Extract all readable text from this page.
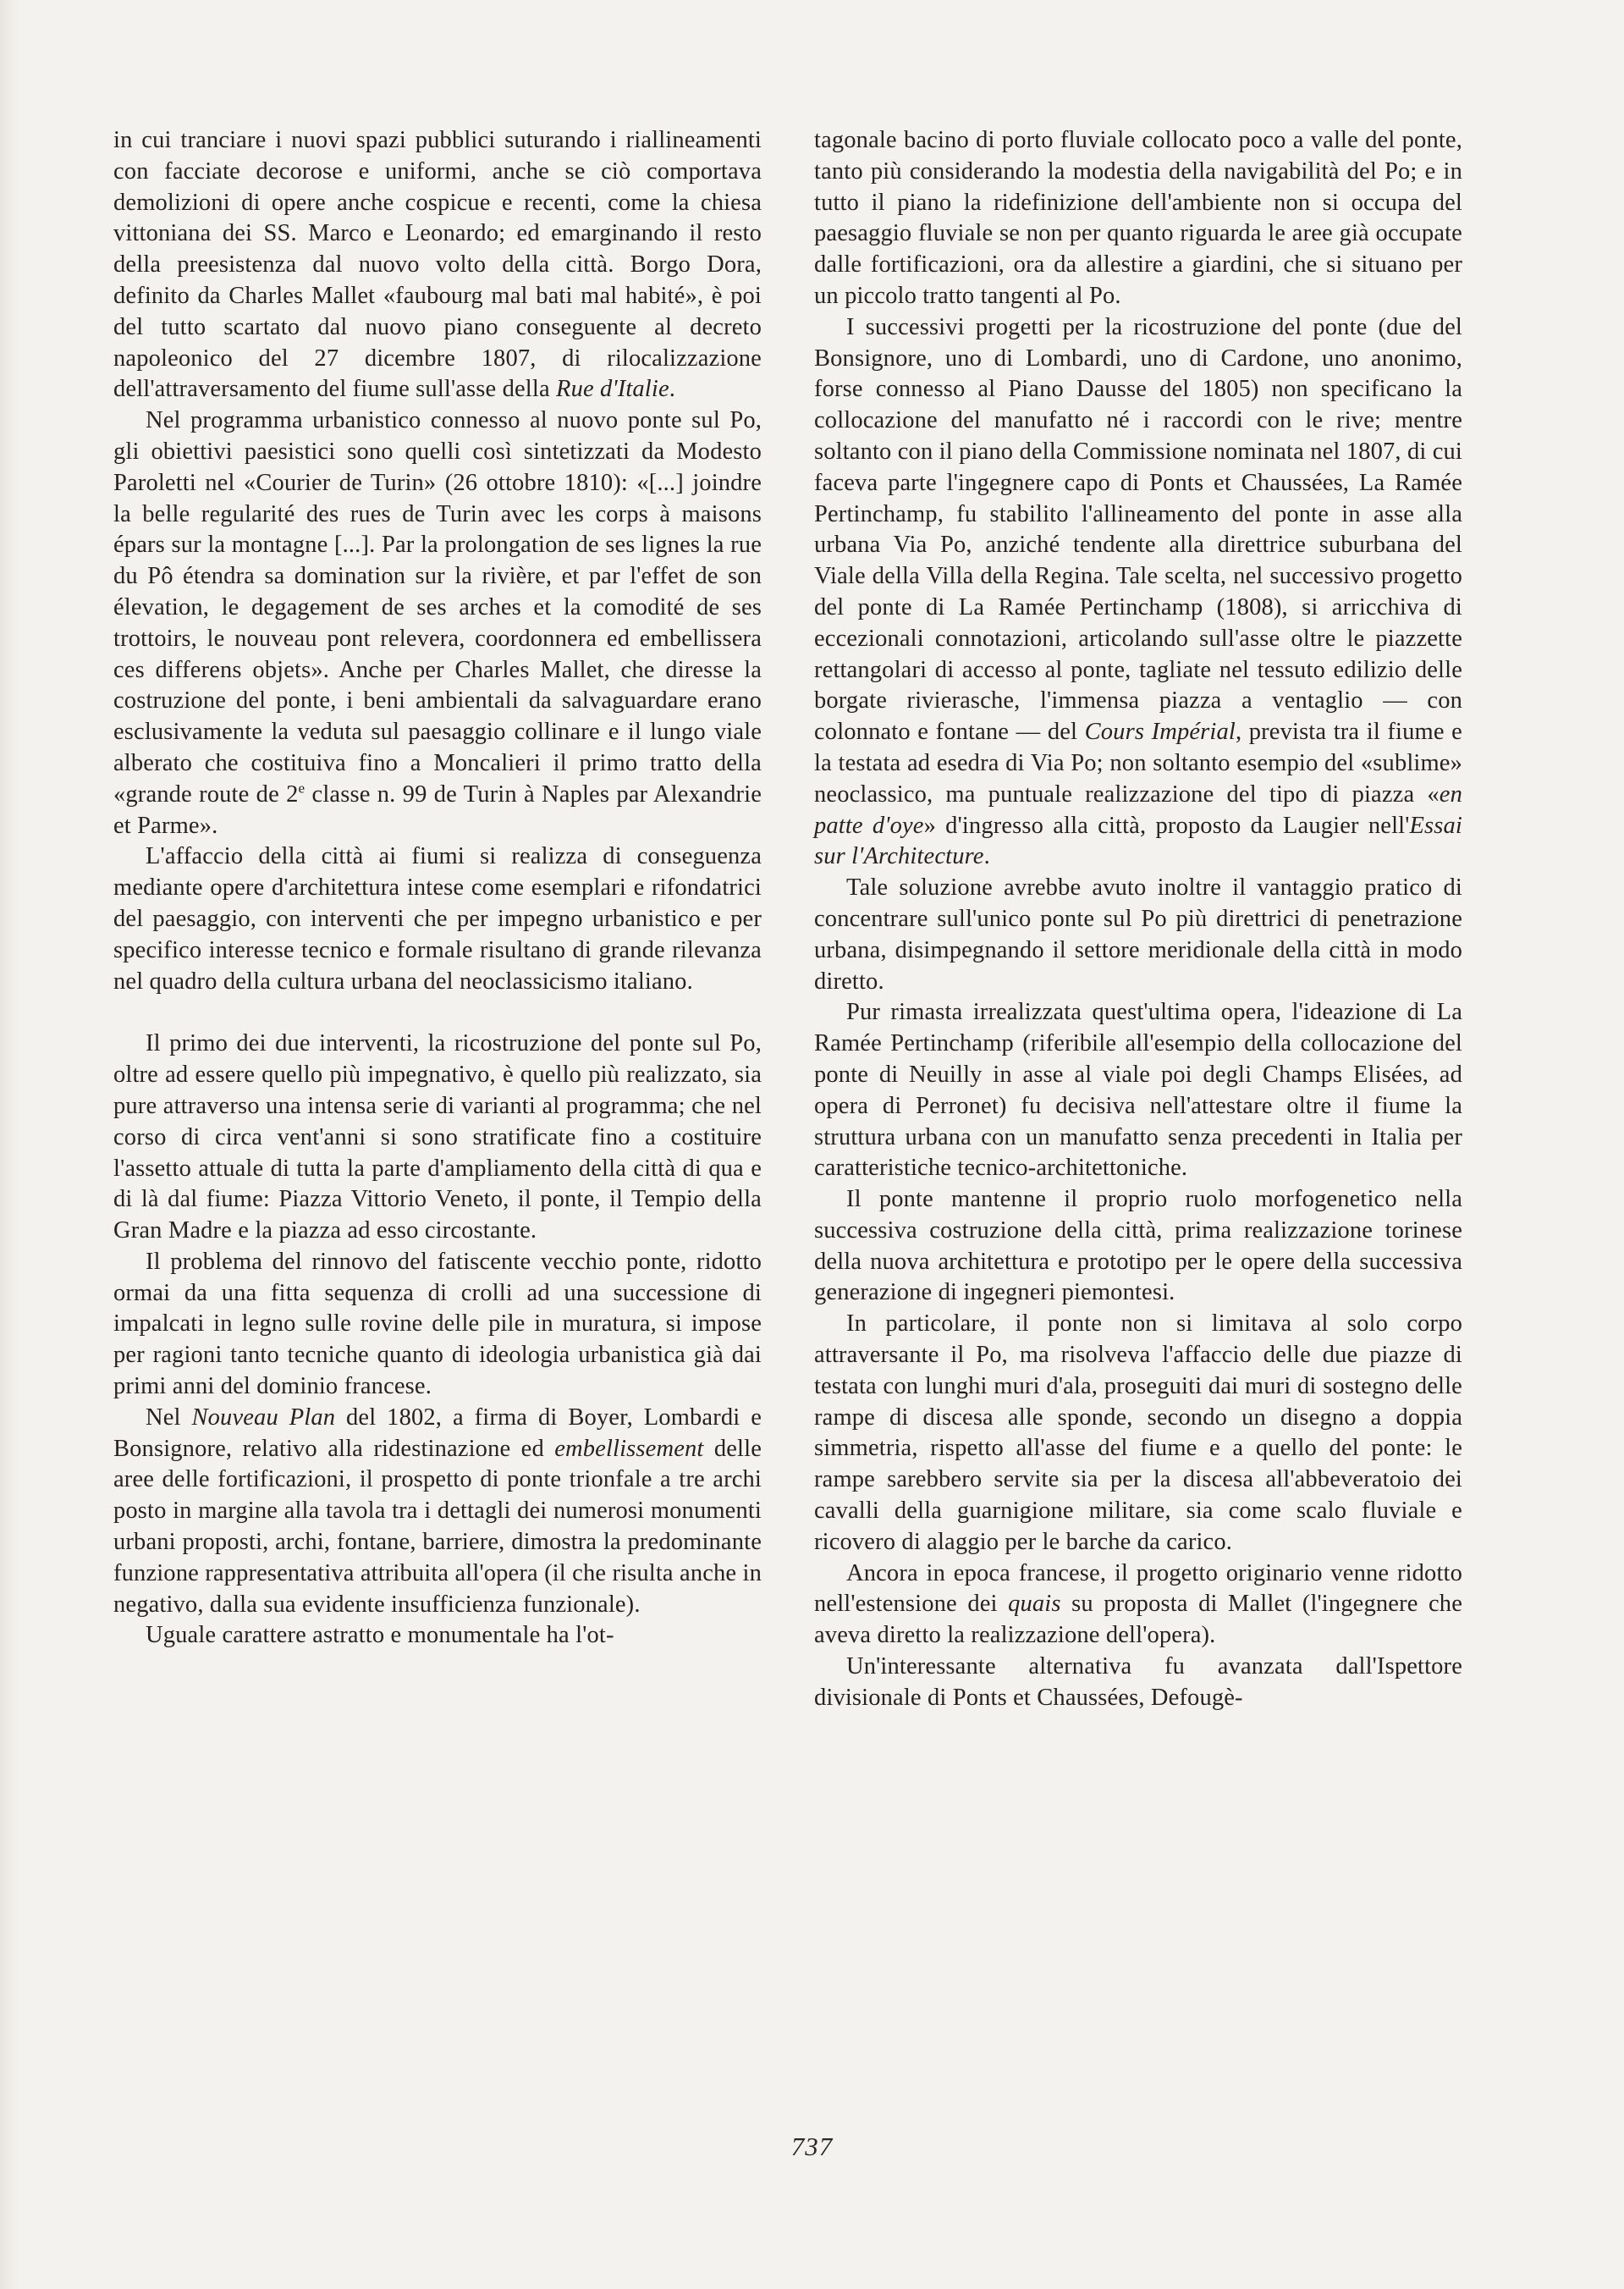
in cui tranciare i nuovi spazi pubblici suturando i riallineamenti con facciate decorose e uniformi, anche se ciò comportava demolizioni di opere anche cospicue e recenti, come la chiesa vittoniana dei SS. Marco e Leonardo; ed emarginando il resto della preesistenza dal nuovo volto della città. Borgo Dora, definito da Charles Mallet «faubourg mal bati mal habité», è poi del tutto scartato dal nuovo piano conseguente al decreto napoleonico del 27 dicembre 1807, di rilocalizzazione dell'attraversamento del fiume sull'asse della Rue d'Italie.

Nel programma urbanistico connesso al nuovo ponte sul Po, gli obiettivi paesistici sono quelli così sintetizzati da Modesto Paroletti nel «Courier de Turin» (26 ottobre 1810): «[...] joindre la belle regularité des rues de Turin avec les corps à maisons épars sur la montagne [...]. Par la prolongation de ses lignes la rue du Pô étendra sa domination sur la rivière, et par l'effet de son élevation, le degagement de ses arches et la comodité de ses trottoirs, le nouveau pont relevera, coordonnera ed embellissera ces differens objets». Anche per Charles Mallet, che diresse la costruzione del ponte, i beni ambientali da salvaguardare erano esclusivamente la veduta sul paesaggio collinare e il lungo viale alberato che costituiva fino a Moncalieri il primo tratto della «grande route de 2e classe n. 99 de Turin à Naples par Alexandrie et Parme».

L'affaccio della città ai fiumi si realizza di conseguenza mediante opere d'architettura intese come esemplari e rifondatrici del paesaggio, con interventi che per impegno urbanistico e per specifico interesse tecnico e formale risultano di grande rilevanza nel quadro della cultura urbana del neoclassicismo italiano.

Il primo dei due interventi, la ricostruzione del ponte sul Po, oltre ad essere quello più impegnativo, è quello più realizzato, sia pure attraverso una intensa serie di varianti al programma; che nel corso di circa vent'anni si sono stratificate fino a costituire l'assetto attuale di tutta la parte d'ampliamento della città di qua e di là dal fiume: Piazza Vittorio Veneto, il ponte, il Tempio della Gran Madre e la piazza ad esso circostante.

Il problema del rinnovo del fatiscente vecchio ponte, ridotto ormai da una fitta sequenza di crolli ad una successione di impalcati in legno sulle rovine delle pile in muratura, si impose per ragioni tanto tecniche quanto di ideologia urbanistica già dai primi anni del dominio francese.

Nel Nouveau Plan del 1802, a firma di Boyer, Lombardi e Bonsignore, relativo alla ridestinazione ed embellissement delle aree delle fortificazioni, il prospetto di ponte trionfale a tre archi posto in margine alla tavola tra i dettagli dei numerosi monumenti urbani proposti, archi, fontane, barriere, dimostra la predominante funzione rappresentativa attribuita all'opera (il che risulta anche in negativo, dalla sua evidente insufficienza funzionale).

Uguale carattere astratto e monumentale ha l'ot-

tagonale bacino di porto fluviale collocato poco a valle del ponte, tanto più considerando la modestia della navigabilità del Po; e in tutto il piano la ridefinizione dell'ambiente non si occupa del paesaggio fluviale se non per quanto riguarda le aree già occupate dalle fortificazioni, ora da allestire a giardini, che si situano per un piccolo tratto tangenti al Po.

I successivi progetti per la ricostruzione del ponte (due del Bonsignore, uno di Lombardi, uno di Cardone, uno anonimo, forse connesso al Piano Dausse del 1805) non specificano la collocazione del manufatto né i raccordi con le rive; mentre soltanto con il piano della Commissione nominata nel 1807, di cui faceva parte l'ingegnere capo di Ponts et Chaussées, La Ramée Pertinchamp, fu stabilito l'allineamento del ponte in asse alla urbana Via Po, anziché tendente alla direttrice suburbana del Viale della Villa della Regina. Tale scelta, nel successivo progetto del ponte di La Ramée Pertinchamp (1808), si arricchiva di eccezionali connotazioni, articolando sull'asse oltre le piazzette rettangolari di accesso al ponte, tagliate nel tessuto edilizio delle borgate rivierasche, l'immensa piazza a ventaglio — con colonnato e fontane — del Cours Impérial, prevista tra il fiume e la testata ad esedra di Via Po; non soltanto esempio del «sublime» neoclassico, ma puntuale realizzazione del tipo di piazza «en patte d'oye» d'ingresso alla città, proposto da Laugier nell'Essai sur l'Architecture.

Tale soluzione avrebbe avuto inoltre il vantaggio pratico di concentrare sull'unico ponte sul Po più direttrici di penetrazione urbana, disimpegnando il settore meridionale della città in modo diretto.

Pur rimasta irrealizzata quest'ultima opera, l'ideazione di La Ramée Pertinchamp (riferibile all'esempio della collocazione del ponte di Neuilly in asse al viale poi degli Champs Elisées, ad opera di Perronet) fu decisiva nell'attestare oltre il fiume la struttura urbana con un manufatto senza precedenti in Italia per caratteristiche tecnico-architettoniche.

Il ponte mantenne il proprio ruolo morfogenetico nella successiva costruzione della città, prima realizzazione torinese della nuova architettura e prototipo per le opere della successiva generazione di ingegneri piemontesi.

In particolare, il ponte non si limitava al solo corpo attraversante il Po, ma risolveva l'affaccio delle due piazze di testata con lunghi muri d'ala, proseguiti dai muri di sostegno delle rampe di discesa alle sponde, secondo un disegno a doppia simmetria, rispetto all'asse del fiume e a quello del ponte: le rampe sarebbero servite sia per la discesa all'abbeveratoio dei cavalli della guarnigione militare, sia come scalo fluviale e ricovero di alaggio per le barche da carico.

Ancora in epoca francese, il progetto originario venne ridotto nell'estensione dei quais su proposta di Mallet (l'ingegnere che aveva diretto la realizzazione dell'opera).

Un'interessante alternativa fu avanzata dall'Ispettore divisionale di Ponts et Chaussées, Defougè-

737
